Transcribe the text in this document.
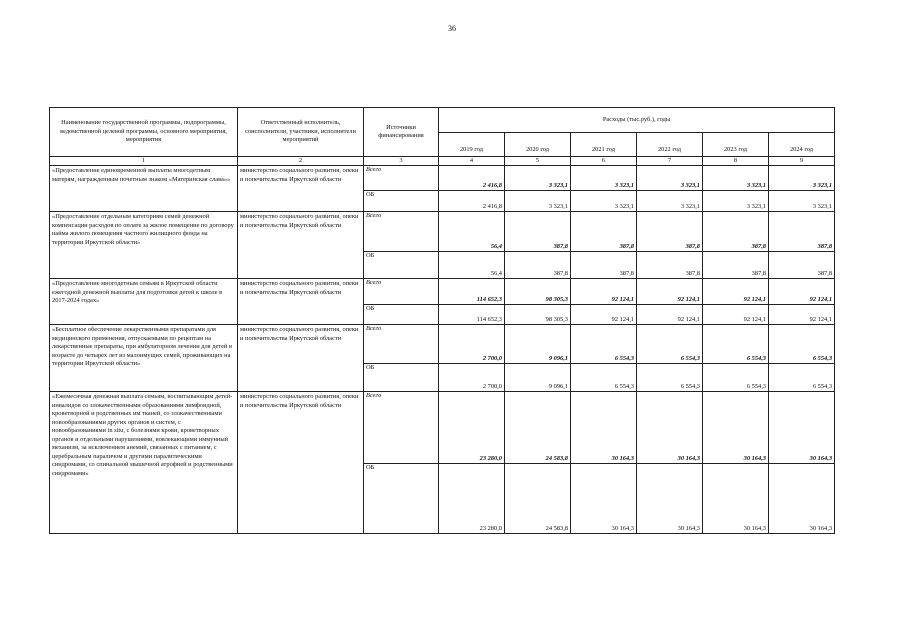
36
Наименование государственной программы, подпрограммы, ведомственной целевой программы, основного мероприятия, мероприятия	Ответственный исполнитель, соисполнители, участники, исполнители мероприятий	Источники финансирования	Расходы (тыс.руб.), годы					
			2019 год	2020 год	2021 год	2022 год	2023 год	2024 год
1	2	3	4	5	6	7	8	9
«Предоставление единовременной выплаты многодетным матерям, награжденным почетным знаком «Материнская слава»»	министерство социального развития, опеки и попечительства Иркутской области	Всего	2 416,8	3 323,1	3 323,1	3 323,1	3 323,1	3 323,1
		ОБ	2 416,8	3 323,1	3 323,1	3 323,1	3 323,1	3 323,1
«Предоставление отдельным категориям семей денежной компенсации расходов по оплате за жилое помещение по договору найма жилого помещения частного жилищного фонда на территории Иркутской области»	министерство социального развития, опеки и попечительства Иркутской области	Всего	56,4	387,8	387,8	387,8	387,8	387,8
		ОБ	56,4	387,8	387,8	387,8	387,8	387,8
«Предоставление многодетным семьям в Иркутской области ежегодной денежной выплаты для подготовки детей к школе в 2017-2024 годах»	министерство социального развития, опеки и попечительства Иркутской области	Всего	114 652,3	98 305,3	92 124,1	92 124,1	92 124,1	92 124,1
		ОБ	114 652,3	98 305,3	92 124,1	92 124,1	92 124,1	92 124,1
«Бесплатное обеспечение лекарственными препаратами для медицинского применения, отпускаемыми по рецептам на лекарственные препараты, при амбулаторном лечении для детей в возрасте до четырех лет из малоимущих семей, проживающих на территории Иркутской области»	министерство социального развития, опеки и попечительства Иркутской области	Всего	2 700,0	9 096,1	6 554,3	6 554,3	6 554,3	6 554,3
		ОБ	2 700,0	9 096,1	6 554,3	6 554,3	6 554,3	6 554,3
«Ежемесячная денежная выплата семьям, воспитывающим детей-инвалидов со злокачественными образованиями лимфоидной, кроветворной и родственных им тканей, со злокачественными новообразованиями других органов и систем, с новообразованиями in situ, с болезнями крови, кроветворных органов и отдельными нарушениями, вовлекающими иммунный механизм, за исключением анемий, связанных с питанием, с церебральным параличом и другими паралитическими синдромами, со спинальной мышечной атрофией и родственными синдромами»	министерство социального развития, опеки и попечительства Иркутской области	Всего	23 280,0	24 583,8	30 164,3	30 164,3	30 164,3	30 164,3
		ОБ	23 280,0	24 583,8	30 164,3	30 164,3	30 164,3	30 164,3
